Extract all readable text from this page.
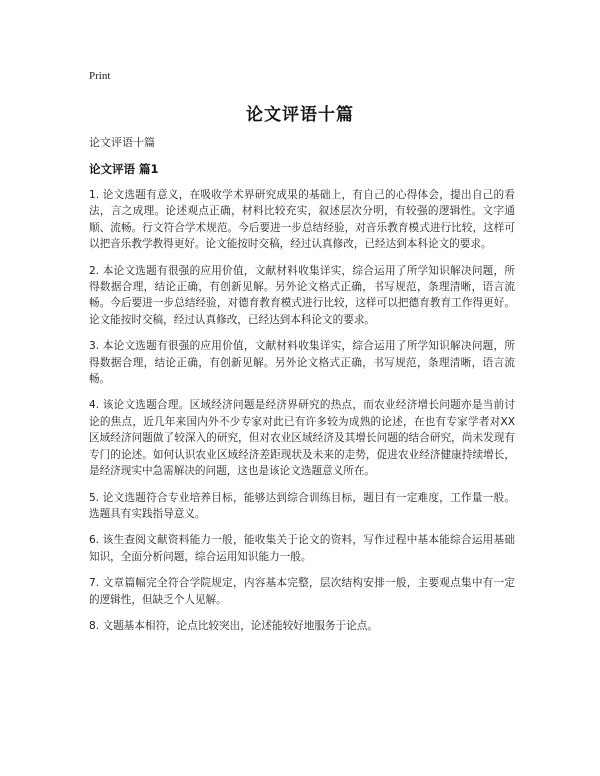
Print
论文评语十篇
论文评语十篇
论文评语 篇1

1. 论文选题有意义，在吸收学术界研究成果的基础上，有自己的心得体会，提出自己的看法，言之成理。论述观点正确，材料比较充实，叙述层次分明，有较强的逻辑性。文字通顺、流畅。行文符合学术规范。今后要进一步总结经验，对音乐教育模式进行比较，这样可以把音乐教学教得更好。论文能按时交稿，经过认真修改，已经达到本科论文的要求。

2. 本论文选题有很强的应用价值，文献材料收集详实，综合运用了所学知识解决问题，所得数据合理，结论正确，有创新见解。另外论文格式正确，书写规范，条理清晰，语言流畅。今后要进一步总结经验，对德育教育模式进行比较，这样可以把德育教育工作得更好。论文能按时交稿，经过认真修改，已经达到本科论文的要求。

3. 本论文选题有很强的应用价值，文献材料收集详实，综合运用了所学知识解决问题，所得数据合理，结论正确，有创新见解。另外论文格式正确，书写规范，条理清晰，语言流畅。

4. 该论文选题合理。区域经济问题是经济界研究的热点，而农业经济增长问题亦是当前讨论的焦点，近几年来国内外不少专家对此已有许多较为成熟的论述，在也有专家学者对XX区域经济问题做了较深入的研究，但对农业区域经济及其增长问题的结合研究，尚未发现有专门的论述。如何认识农业区域经济差距现状及未来的走势，促进农业经济健康持续增长，是经济现实中急需解决的问题，这也是该论文选题意义所在。

5. 论文选题符合专业培养目标，能够达到综合训练目标，题目有一定难度，工作量一般。选题具有实践指导意义。

6. 该生查阅文献资料能力一般，能收集关于论文的资料，写作过程中基本能综合运用基础知识，全面分析问题，综合运用知识能力一般。

7. 文章篇幅完全符合学院规定，内容基本完整，层次结构安排一般，主要观点集中有一定的逻辑性，但缺乏个人见解。

8. 文题基本相符，论点比较突出，论述能较好地服务于论点。
